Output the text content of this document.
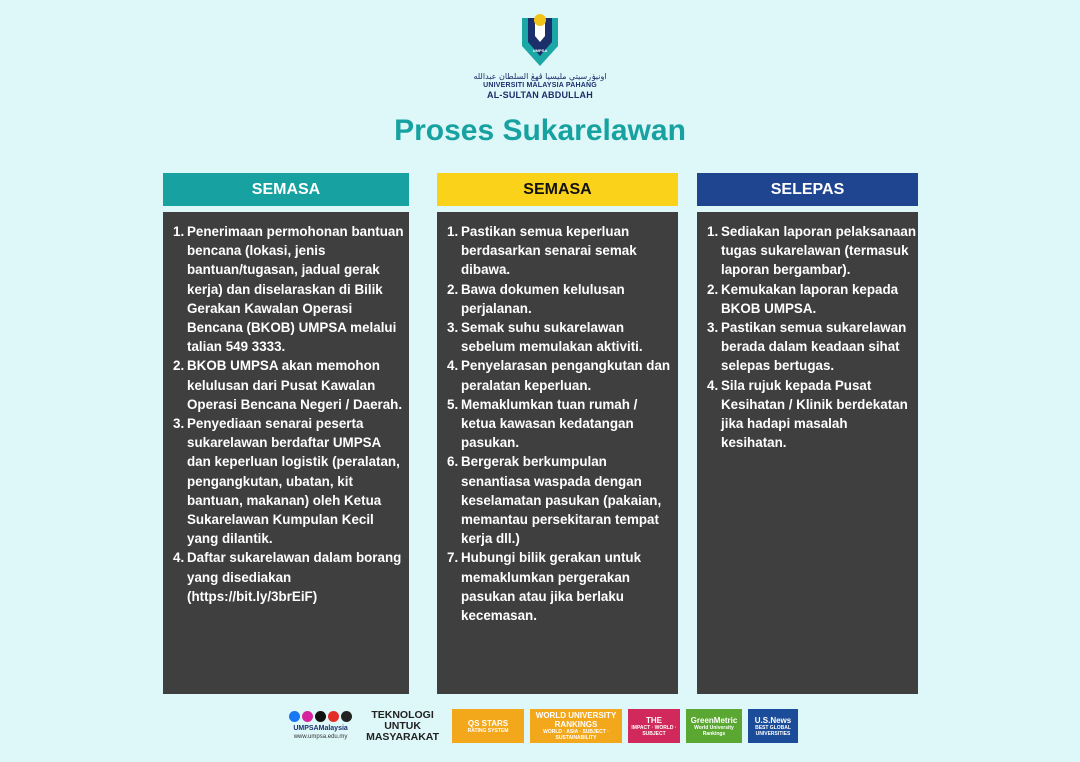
UMPSA
اونيۏرسيتي مليسيا ڤهڠ السلطان عبدالله
UNIVERSITI MALAYSIA PAHANG
AL-SULTAN ABDULLAH
Proses Sukarelawan
SEMASA
1. Penerimaan permohonan bantuan bencana (lokasi, jenis bantuan/tugasan, jadual gerak kerja) dan diselaraskan di Bilik Gerakan Kawalan Operasi Bencana (BKOB) UMPSA melalui talian 549 3333.
2. BKOB UMPSA akan memohon kelulusan dari Pusat Kawalan Operasi Bencana Negeri / Daerah.
3. Penyediaan senarai peserta sukarelawan berdaftar UMPSA dan keperluan logistik (peralatan, pengangkutan, ubatan, kit bantuan, makanan) oleh Ketua Sukarelawan Kumpulan Kecil yang dilantik.
4. Daftar sukarelawan dalam borang yang disediakan (https://bit.ly/3brEiF)
SEMASA
1. Pastikan semua keperluan berdasarkan senarai semak dibawa.
2. Bawa dokumen kelulusan perjalanan.
3. Semak suhu sukarelawan sebelum memulakan aktiviti.
4. Penyelarasan pengangkutan dan peralatan keperluan.
5. Memaklumkan tuan rumah / ketua kawasan kedatangan pasukan.
6. Bergerak berkumpulan senantiasa waspada dengan keselamatan pasukan (pakaian, memantau persekitaran tempat kerja dll.)
7. Hubungi bilik gerakan untuk memaklumkan pergerakan pasukan atau jika berlaku kecemasan.
SELEPAS
1. Sediakan laporan pelaksanaan tugas sukarelawan (termasuk laporan bergambar).
2. Kemukakan laporan kepada BKOB UMPSA.
3. Pastikan semua sukarelawan berada dalam keadaan sihat selepas bertugas.
4. Sila rujuk kepada Pusat Kesihatan / Klinik berdekatan jika hadapi masalah kesihatan.
UMPSAMalaysia
www.umpsa.edu.my
TEKNOLOGI
UNTUK
MASYARAKAT
QS STARS
RATING SYSTEM
WORLD UNIVERSITY RANKINGS
WORLD · ASIA · SUBJECT · SUSTAINABILITY
THE
IMPACT · WORLD · SUBJECT
GreenMetric
World University Rankings
U.S.News
BEST GLOBAL UNIVERSITIES
